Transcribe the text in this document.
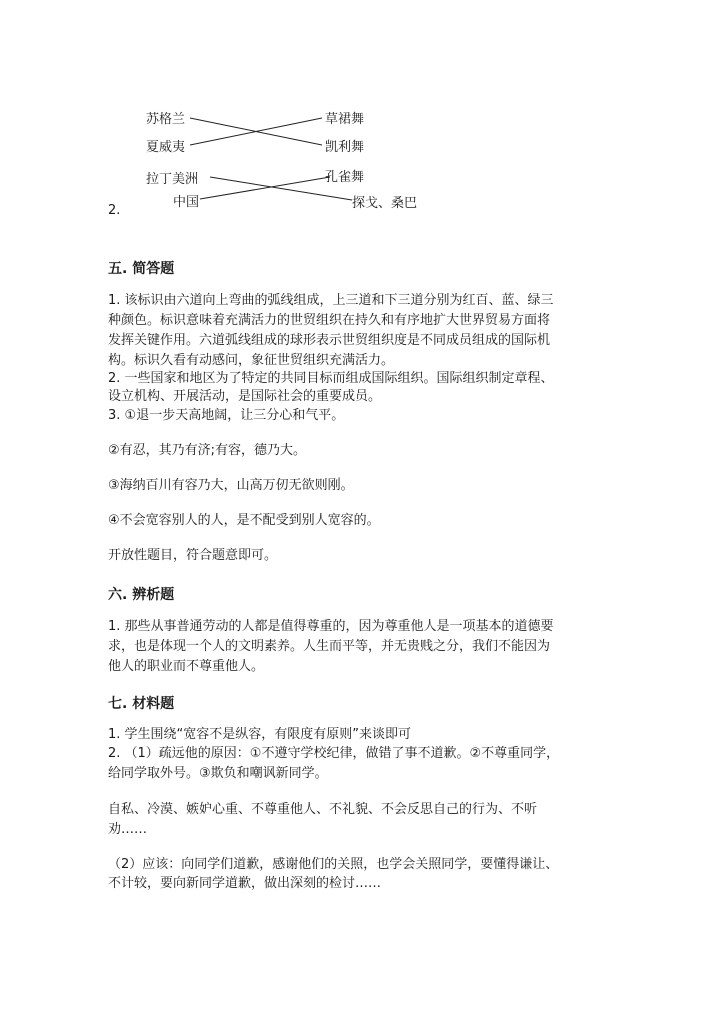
苏格兰
夏威夷
拉丁美洲
中国
草裙舞
凯利舞
孔雀舞
探戈、桑巴
2.
五. 简答题
1. 该标识由六道向上弯曲的弧线组成，上三道和下三道分别为红百、蓝、绿三
种颜色。标识意味着充满活力的世贸组织在持久和有序地扩大世界贸易方面将
发挥关键作用。六道弧线组成的球形表示世贸组织度是不同成员组成的国际机
构。标识久看有动感问，象征世贸组织充满活力。
2. 一些国家和地区为了特定的共同目标而组成国际组织。国际组织制定章程、
设立机构、开展活动，是国际社会的重要成员。
3. ①退一步天高地阔，让三分心和气平。
②有忍，其乃有济;有容，德乃大。
③海纳百川有容乃大，山高万仞无欲则刚。
④不会宽容别人的人，是不配受到别人宽容的。
开放性题目，符合题意即可。
六. 辨析题
1. 那些从事普通劳动的人都是值得尊重的，因为尊重他人是一项基本的道德要
求，也是体现一个人的文明素养。人生而平等，并无贵贱之分，我们不能因为
他人的职业而不尊重他人。
七. 材料题
1. 学生围绕“宽容不是纵容，有限度有原则”来谈即可
2. （1）疏远他的原因：①不遵守学校纪律，做错了事不道歉。②不尊重同学，
给同学取外号。③欺负和嘲讽新同学。
自私、冷漠、嫉妒心重、不尊重他人、不礼貌、不会反思自己的行为、不听
劝……
（2）应该：向同学们道歉，感谢他们的关照，也学会关照同学，要懂得谦让、
不计较，要向新同学道歉，做出深刻的检讨……
